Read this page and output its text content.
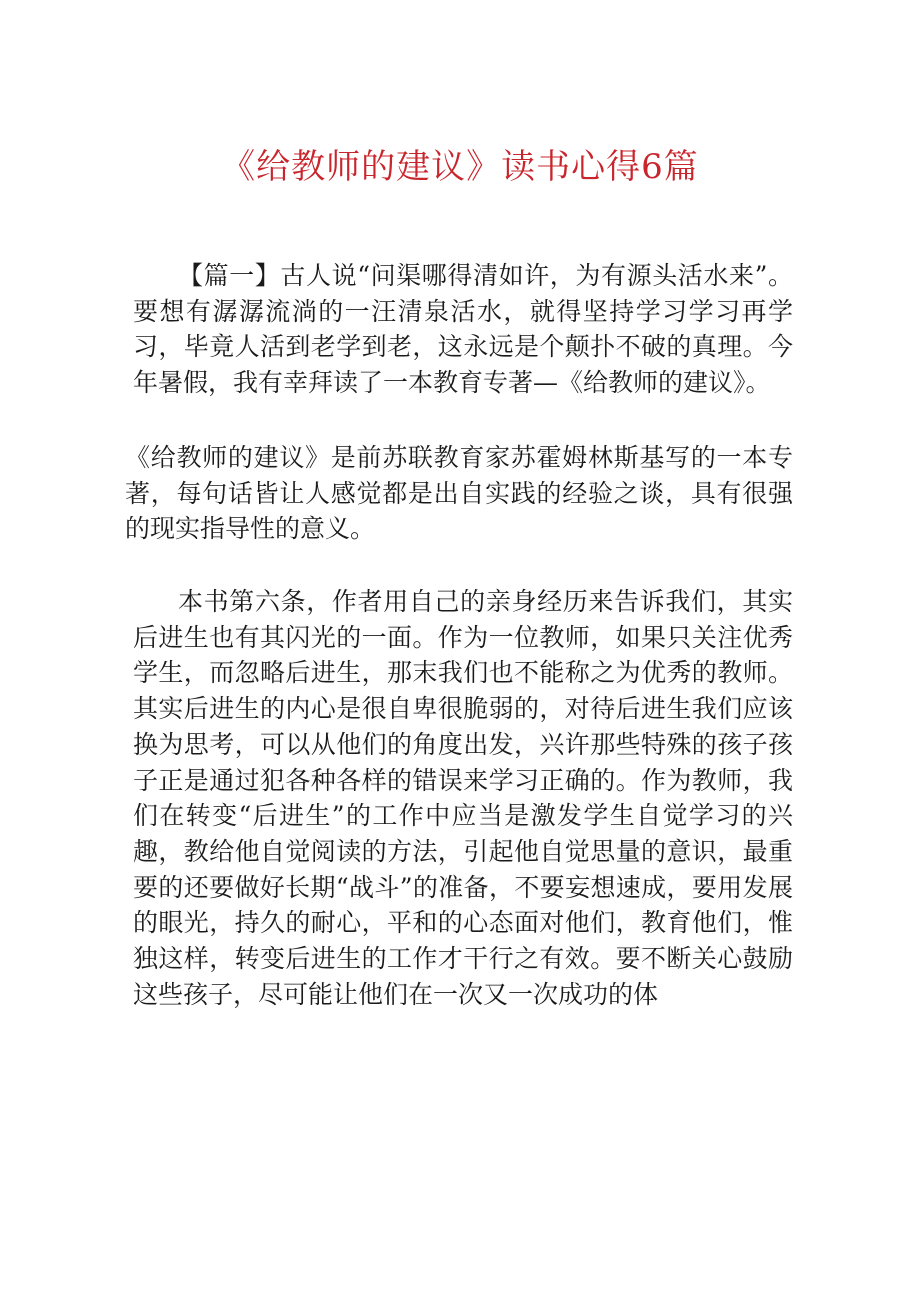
《给教师的建议》读书心得6篇

【篇一】古人说“问渠哪得清如许，为有源头活水来”。要想有潺潺流淌的一汪清泉活水，就得坚持学习学习再学习，毕竟人活到老学到老，这永远是个颠扑不破的真理。今年暑假，我有幸拜读了一本教育专著—《给教师的建议》。

《给教师的建议》是前苏联教育家苏霍姆林斯基写的一本专著，每句话皆让人感觉都是出自实践的经验之谈，具有很强的现实指导性的意义。

本书第六条，作者用自己的亲身经历来告诉我们，其实后进生也有其闪光的一面。作为一位教师，如果只关注优秀学生，而忽略后进生，那末我们也不能称之为优秀的教师。其实后进生的内心是很自卑很脆弱的，对待后进生我们应该换为思考，可以从他们的角度出发，兴许那些特殊的孩子孩子正是通过犯各种各样的错误来学习正确的。作为教师，我们在转变“后进生”的工作中应当是激发学生自觉学习的兴趣，教给他自觉阅读的方法，引起他自觉思量的意识，最重要的还要做好长期“战斗”的准备，不要妄想速成，要用发展的眼光，持久的耐心，平和的心态面对他们，教育他们，惟独这样，转变后进生的工作才干行之有效。要不断关心鼓励这些孩子，尽可能让他们在一次又一次成功的体
